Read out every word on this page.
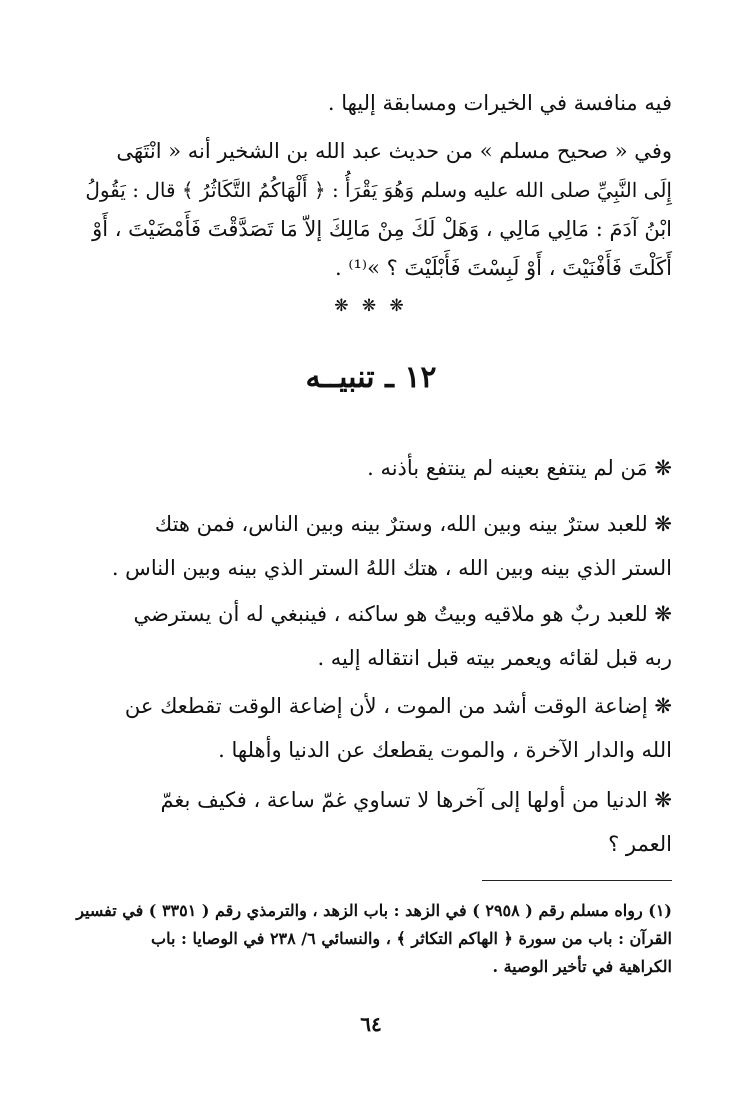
فيه منافسة في الخيرات ومسابقة إليها .
وفي « صحيح مسلم » من حديث عبد الله بن الشخير أنه « انْتَهَى
إِلَى النَّبِيِّ صلى الله عليه وسلم وَهُوَ يَقْرَأُ : ﴿ أَلْهَاكُمُ التَّكَاثُرُ ﴾ قال : يَقُولُ
ابْنُ آدَمَ : مَالِي مَالِي ، وَهَلْ لَكَ مِنْ مَالِكَ إلاّ مَا تَصَدَّقْتَ فَأَمْضَيْتَ ، أَوْ
أَكَلْتَ فَأَفْنَيْتَ ، أَوْ لَبِسْتَ فَأَبْلَيْتَ ؟ »⁽¹⁾ .
❋ ❋ ❋
١٢ ـ تنبيــه
❋ مَن لم ينتفع بعينه لم ينتفع بأذنه .
❋ للعبد سترٌ بينه وبين الله، وسترٌ بينه وبين الناس، فمن هتك
الستر الذي بينه وبين الله ، هتك اللهُ الستر الذي بينه وبين الناس .
❋ للعبد ربٌ هو ملاقيه وبيتٌ هو ساكنه ، فينبغي له أن يسترضي
ربه قبل لقائه ويعمر بيته قبل انتقاله إليه .
❋ إضاعة الوقت أشد من الموت ، لأن إضاعة الوقت تقطعك عن
الله والدار الآخرة ، والموت يقطعك عن الدنيا وأهلها .
❋ الدنيا من أولها إلى آخرها لا تساوي غمّ ساعة ، فكيف بغمّ
العمر ؟
(١) رواه مسلم رقم ( ٢٩٥٨ ) في الزهد : باب الزهد ، والترمذي رقم ( ٣٣٥١ ) في تفسير
القرآن : باب من سورة ﴿ الهاكم التكاثر ﴾ ، والنسائي ٦/ ٢٣٨ في الوصايا : باب
الكراهية في تأخير الوصية .
٦٤
